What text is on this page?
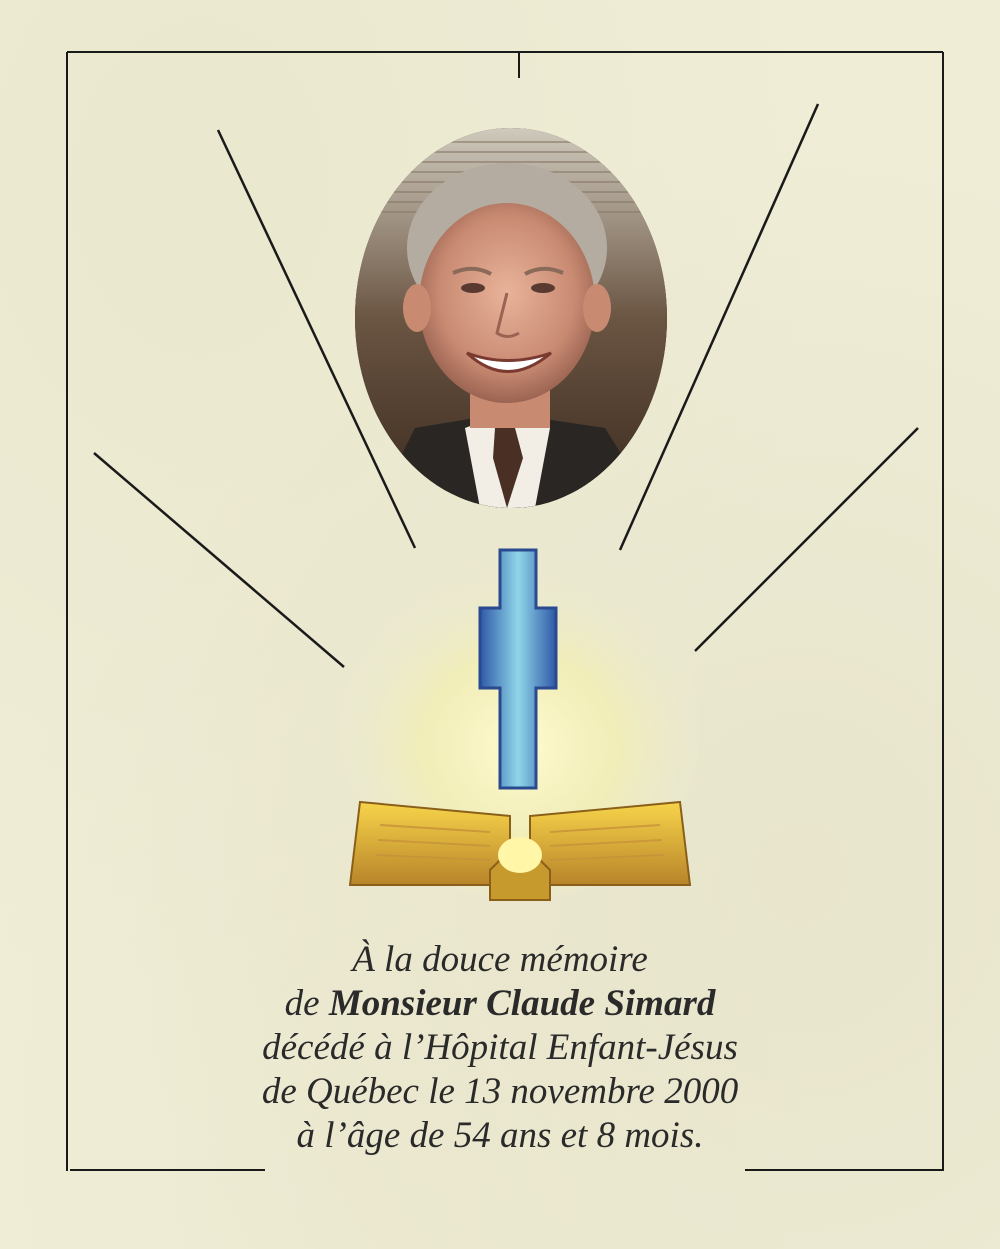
À la douce mémoire
de Monsieur Claude Simard
décédé à l’Hôpital Enfant-Jésus
de Québec le 13 novembre 2000
à l’âge de 54 ans et 8 mois.
